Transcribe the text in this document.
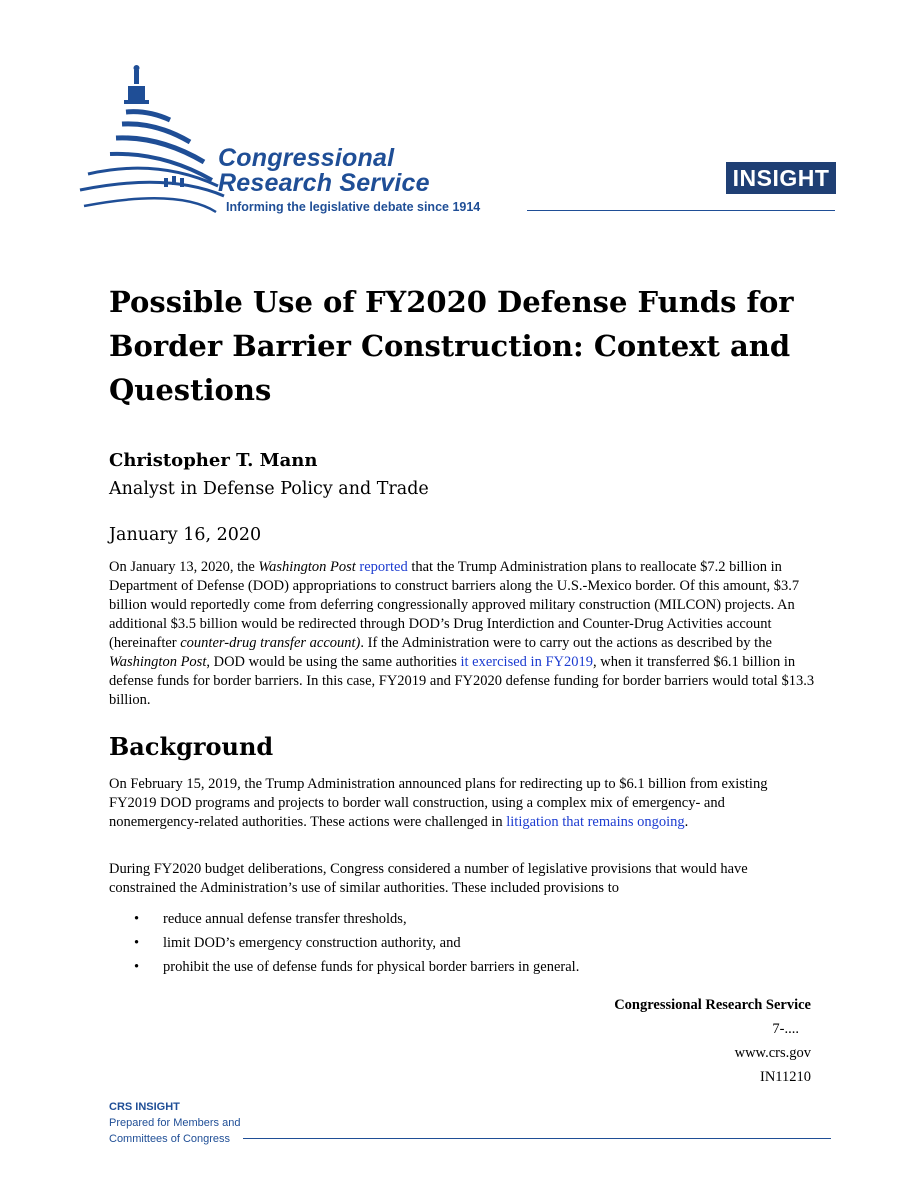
Congressional
Research Service
Informing the legislative debate since 1914
INSIGHT
Possible Use of FY2020 Defense Funds for Border Barrier Construction: Context and Questions
Christopher T. Mann
Analyst in Defense Policy and Trade
January 16, 2020

On January 13, 2020, the Washington Post reported that the Trump Administration plans to reallocate $7.2 billion in Department of Defense (DOD) appropriations to construct barriers along the U.S.-Mexico border. Of this amount, $3.7 billion would reportedly come from deferring congressionally approved military construction (MILCON) projects. An additional $3.5 billion would be redirected through DOD’s Drug Interdiction and Counter-Drug Activities account (hereinafter counter-drug transfer account). If the Administration were to carry out the actions as described by the Washington Post, DOD would be using the same authorities it exercised in FY2019, when it transferred $6.1 billion in defense funds for border barriers. In this case, FY2019 and FY2020 defense funding for border barriers would total $13.3 billion.

Background

On February 15, 2019, the Trump Administration announced plans for redirecting up to $6.1 billion from existing FY2019 DOD programs and projects to border wall construction, using a complex mix of emergency- and nonemergency-related authorities. These actions were challenged in litigation that remains ongoing.

During FY2020 budget deliberations, Congress considered a number of legislative provisions that would have constrained the Administration’s use of similar authorities. These included provisions to

• reduce annual defense transfer thresholds,
• limit DOD’s emergency construction authority, and
• prohibit the use of defense funds for physical border barriers in general.
Congressional Research Service
7-....
www.crs.gov
IN11210
CRS INSIGHT
Prepared for Members and
Committees of Congress
